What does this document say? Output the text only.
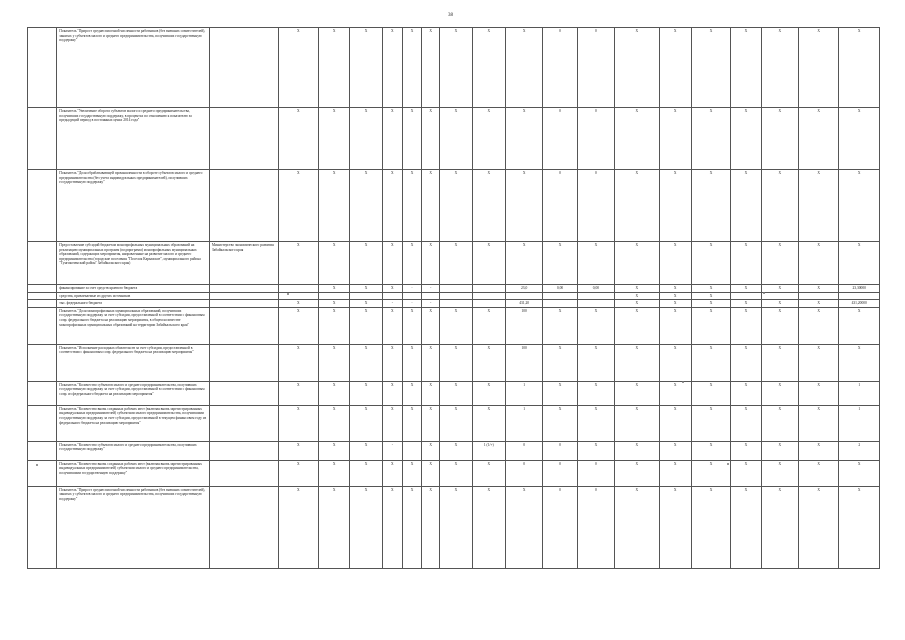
38
	Показатель "Прирост среднесписочной численности работников (без внешних совместителей), занятых у субъектов малого и среднего предпринимательства, получивших государственную поддержку"		Х	Х	Х	Х	Х	Х	Х	Х	Х	0	0	Х	Х	Х	Х	Х	Х	Х
	Показатель "Увеличение оборота субъектов малого и среднего предпринимательства, получивших государственную поддержку, в процентах по отношению к показателю за предыдущий период в постоянных ценах 2014 года"		Х	Х	Х	Х	Х	Х	Х	Х	Х	0	0	Х	Х	Х	Х	Х	Х	Х
	Показатель "Доля обрабатывающей промышленности в обороте субъектов малого и среднего предпринимательства (без учета индивидуальных предпринимателей), получивших государственную поддержку"		Х	Х	Х	Х	Х	Х	Х	Х	Х	0	0	Х	Х	Х	Х	Х	Х	Х
	Предоставление субсидий бюджетам монопрофильных муниципальных образований на реализацию муниципальных программ (подпрограмм) монопрофильных муниципальных образований, содержащих мероприятия, направленные на развитие малого и среднего предпринимательства (городские поселения "Поселок Карымское", муниципального района "Тунгокоченский район" Забайкальского края)	Министерство экономического развития Забайкальского края	Х	Х	Х	Х	Х	Х	Х	Х	Х	Х	Х	Х	Х	Х	Х	Х	Х	Х
	финансирование за счет средств краевого бюджета			Х	Х	Х	-	-			23,0	0,00	0,00	Х	Х	Х	Х	Х	Х	23,30000
	средства, привлекаемые из других источников													Х	Х	Х				
	тыс. федерального бюджета		Х	Х	Х	-	-	-			431,20			Х	Х	Х	Х	Х	Х	431,20000
	Показатель "Доля монопрофильных муниципальных образований, получивших государственную поддержку за счет субсидии, предоставленной в соответствии с финансовым сопр. федерального бюджета на реализацию мероприятия, в общем количестве монопрофильных муниципальных образований на территории Забайкальского края"		Х	Х	Х	Х	Х	Х	Х	Х	100	Х	Х	Х	Х	Х	Х	Х	Х	Х
	Показатель "Исполнение расходных обязательств за счет субсидии, предоставленной в соответствии с финансовым сопр. федерального бюджета на реализацию мероприятия"		Х	Х	Х	Х	Х	Х	Х	Х	100	Х	Х	Х	Х	Х	Х	Х	Х	Х
	Показатель "Количество субъектов малого и среднего предпринимательства, получивших государственную поддержку за счет субсидии, предоставленной в соответствии с финансовым сопр. из федерального бюджета на реализацию мероприятия"		Х	Х	Х	Х	Х	Х	Х	Х	1	Х	Х	Х	Х	Х	Х	Х	Х	1
	Показатель "Количество вновь созданных рабочих мест (включая вновь зарегистрированных индивидуальных предпринимателей) субъектами малого предпринимательства, получившими государственную поддержку за счет субсидии, предоставленной в текущем финансовом году из федерального бюджета на реализацию мероприятия"		Х	Х	Х	Х	Х	Х	Х	Х	1	Х	Х	Х	Х	Х	Х	Х	Х	1
	Показатель "Количество субъектов малого и среднего предпринимательства, получивших государственную поддержку"		Х	Х	Х	-		Х	Х	1 (1/+)	0	0	Х	Х	Х	Х	Х	Х	Х	2
	Показатель "Количество вновь созданных рабочих мест (включая вновь зарегистрированных индивидуальных предпринимателей) субъектами малого и среднего предпринимательства, получившими государственную поддержку"		Х	Х	Х	Х	Х	Х	Х	Х	0	0	0	Х	Х	Х	Х	Х	Х	Х
	Показатель "Прирост среднесписочной численности работников (без внешних совместителей), занятых у субъектов малого и среднего предпринимательства, получивших государственную поддержку"		Х	Х	Х	Х	Х	Х	Х	Х	Х	0	0	Х	Х	Х	Х	Х	Х	Х
